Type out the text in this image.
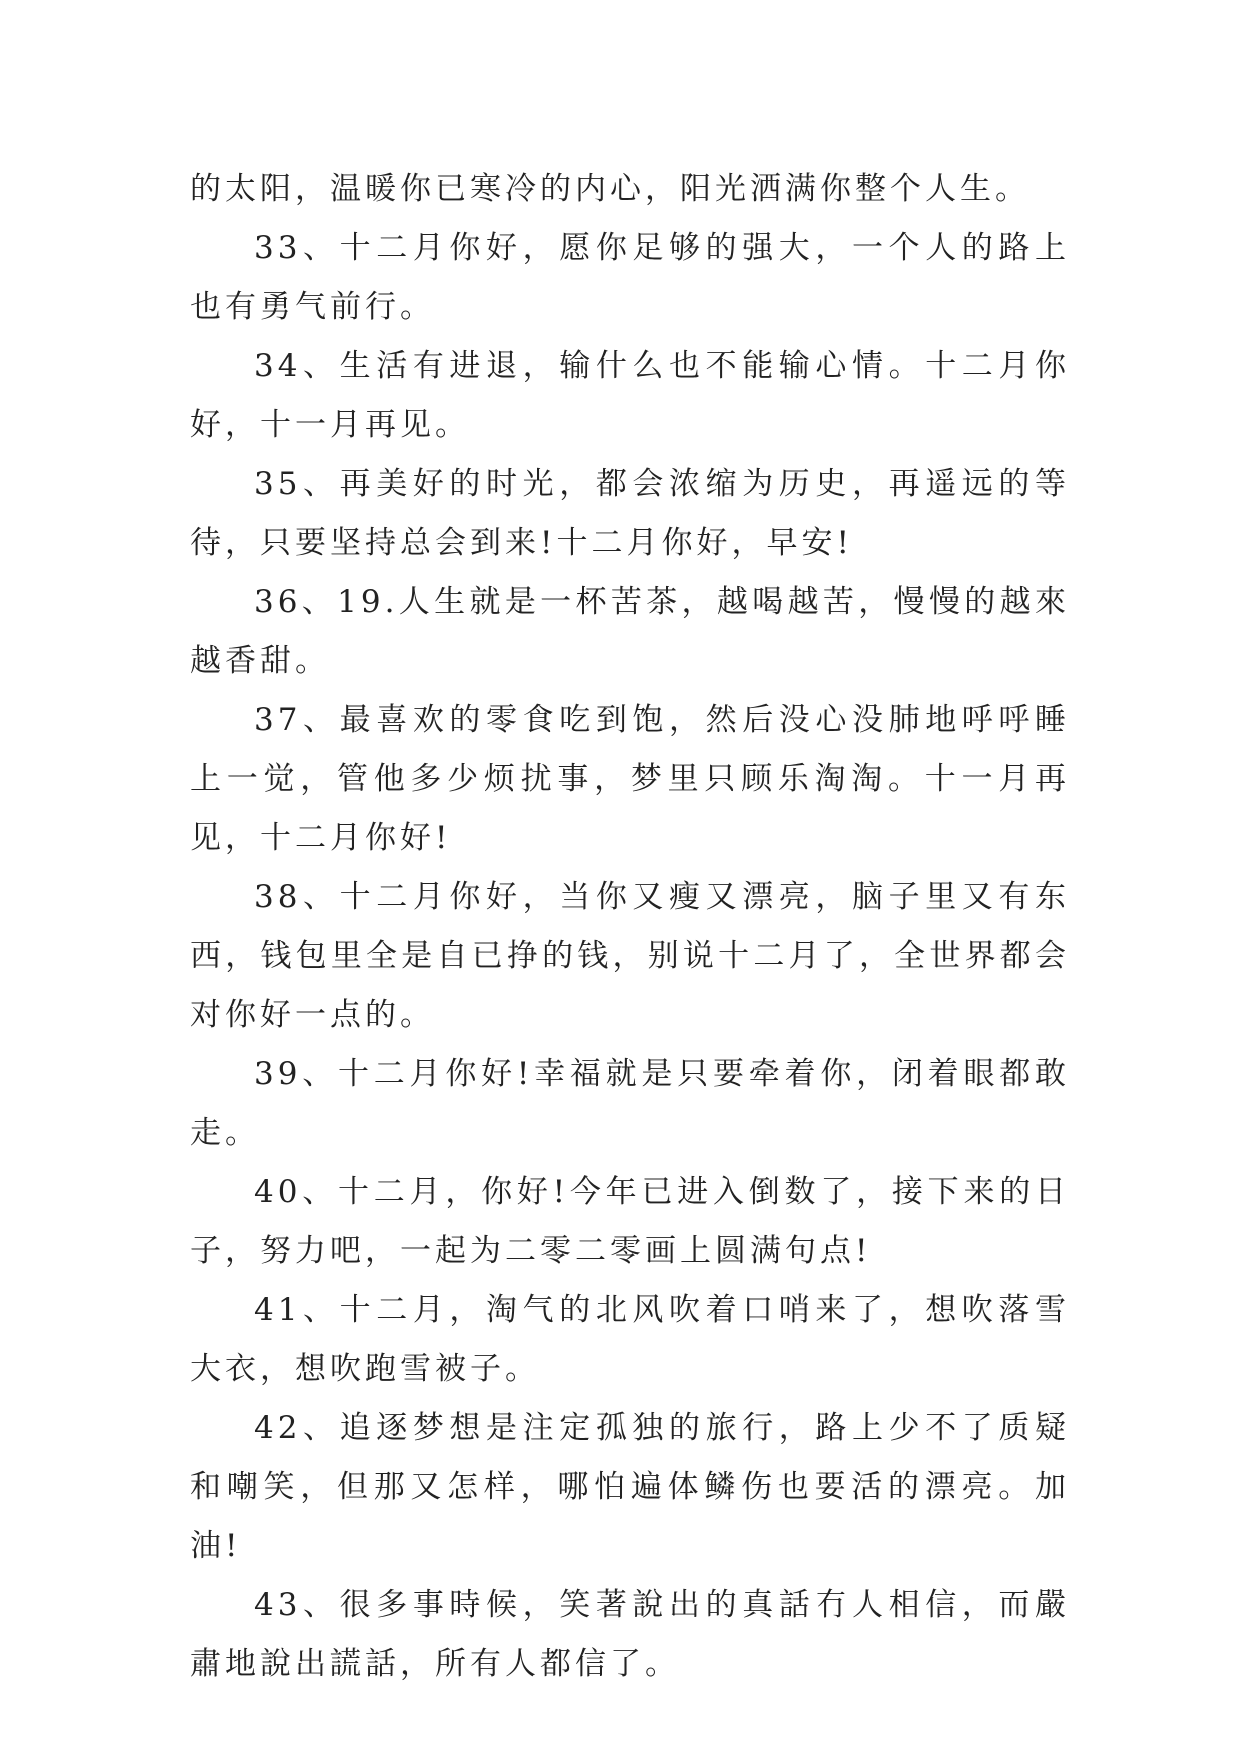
的太阳，温暖你已寒冷的内心，阳光洒满你整个人生。

33、十二月你好，愿你足够的强大，一个人的路上也有勇气前行。

34、生活有进退，输什么也不能输心情。十二月你好，十一月再见。

35、再美好的时光，都会浓缩为历史，再遥远的等待，只要坚持总会到来!十二月你好，早安!

36、19.人生就是一杯苦茶，越喝越苦，慢慢的越來越香甜。

37、最喜欢的零食吃到饱，然后没心没肺地呼呼睡上一觉，管他多少烦扰事，梦里只顾乐淘淘。十一月再见，十二月你好!

38、十二月你好，当你又瘦又漂亮，脑子里又有东西，钱包里全是自已挣的钱，别说十二月了，全世界都会对你好一点的。

39、十二月你好!幸福就是只要牵着你，闭着眼都敢走。

40、十二月，你好!今年已进入倒数了，接下来的日子，努力吧，一起为二零二零画上圆满句点!

41、十二月，淘气的北风吹着口哨来了，想吹落雪大衣，想吹跑雪被子。

42、追逐梦想是注定孤独的旅行，路上少不了质疑和嘲笑，但那又怎样，哪怕遍体鳞伤也要活的漂亮。加油!

43、很多事時候，笑著說出的真話冇人相信，而嚴肅地說出謊話，所有人都信了。
